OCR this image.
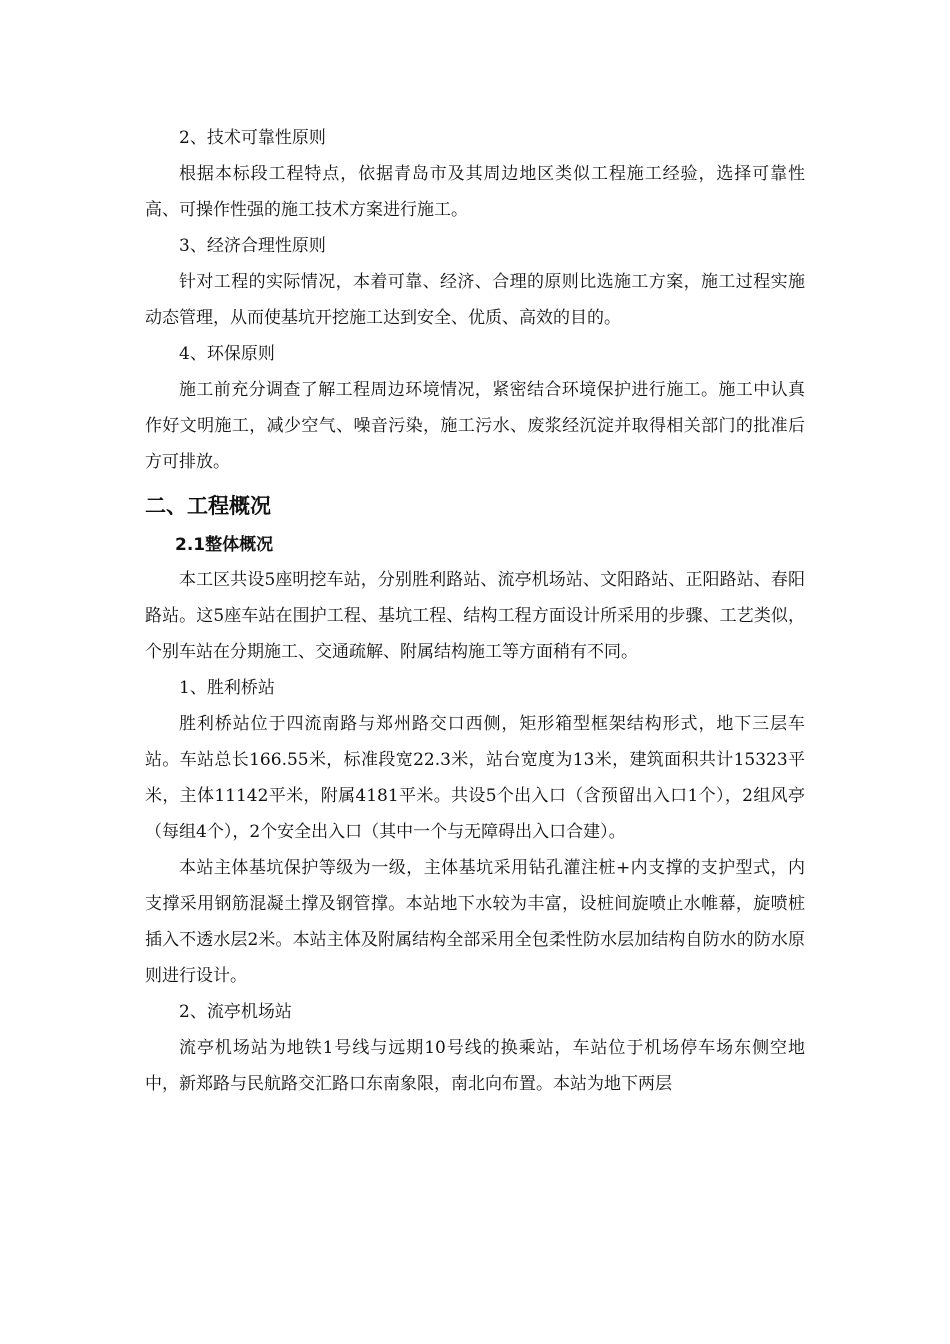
2、技术可靠性原则

根据本标段工程特点，依据青岛市及其周边地区类似工程施工经验，选择可靠性高、可操作性强的施工技术方案进行施工。

3、经济合理性原则

针对工程的实际情况，本着可靠、经济、合理的原则比选施工方案，施工过程实施动态管理，从而使基坑开挖施工达到安全、优质、高效的目的。

4、环保原则

施工前充分调查了解工程周边环境情况，紧密结合环境保护进行施工。施工中认真作好文明施工，减少空气、噪音污染，施工污水、废浆经沉淀并取得相关部门的批准后方可排放。

二、工程概况
2.1整体概况

本工区共设5座明挖车站，分别胜利路站、流亭机场站、文阳路站、正阳路站、春阳路站。这5座车站在围护工程、基坑工程、结构工程方面设计所采用的步骤、工艺类似，个别车站在分期施工、交通疏解、附属结构施工等方面稍有不同。

1、胜利桥站

胜利桥站位于四流南路与郑州路交口西侧，矩形箱型框架结构形式，地下三层车站。车站总长166.55米，标准段宽22.3米，站台宽度为13米，建筑面积共计15323平米，主体11142平米，附属4181平米。共设5个出入口（含预留出入口1个），2组风亭（每组4个），2个安全出入口（其中一个与无障碍出入口合建）。

本站主体基坑保护等级为一级，主体基坑采用钻孔灌注桩+内支撑的支护型式，内支撑采用钢筋混凝土撑及钢管撑。本站地下水较为丰富，设桩间旋喷止水帷幕，旋喷桩插入不透水层2米。本站主体及附属结构全部采用全包柔性防水层加结构自防水的防水原则进行设计。

2、流亭机场站

流亭机场站为地铁1号线与远期10号线的换乘站，车站位于机场停车场东侧空地中，新郑路与民航路交汇路口东南象限，南北向布置。本站为地下两层
